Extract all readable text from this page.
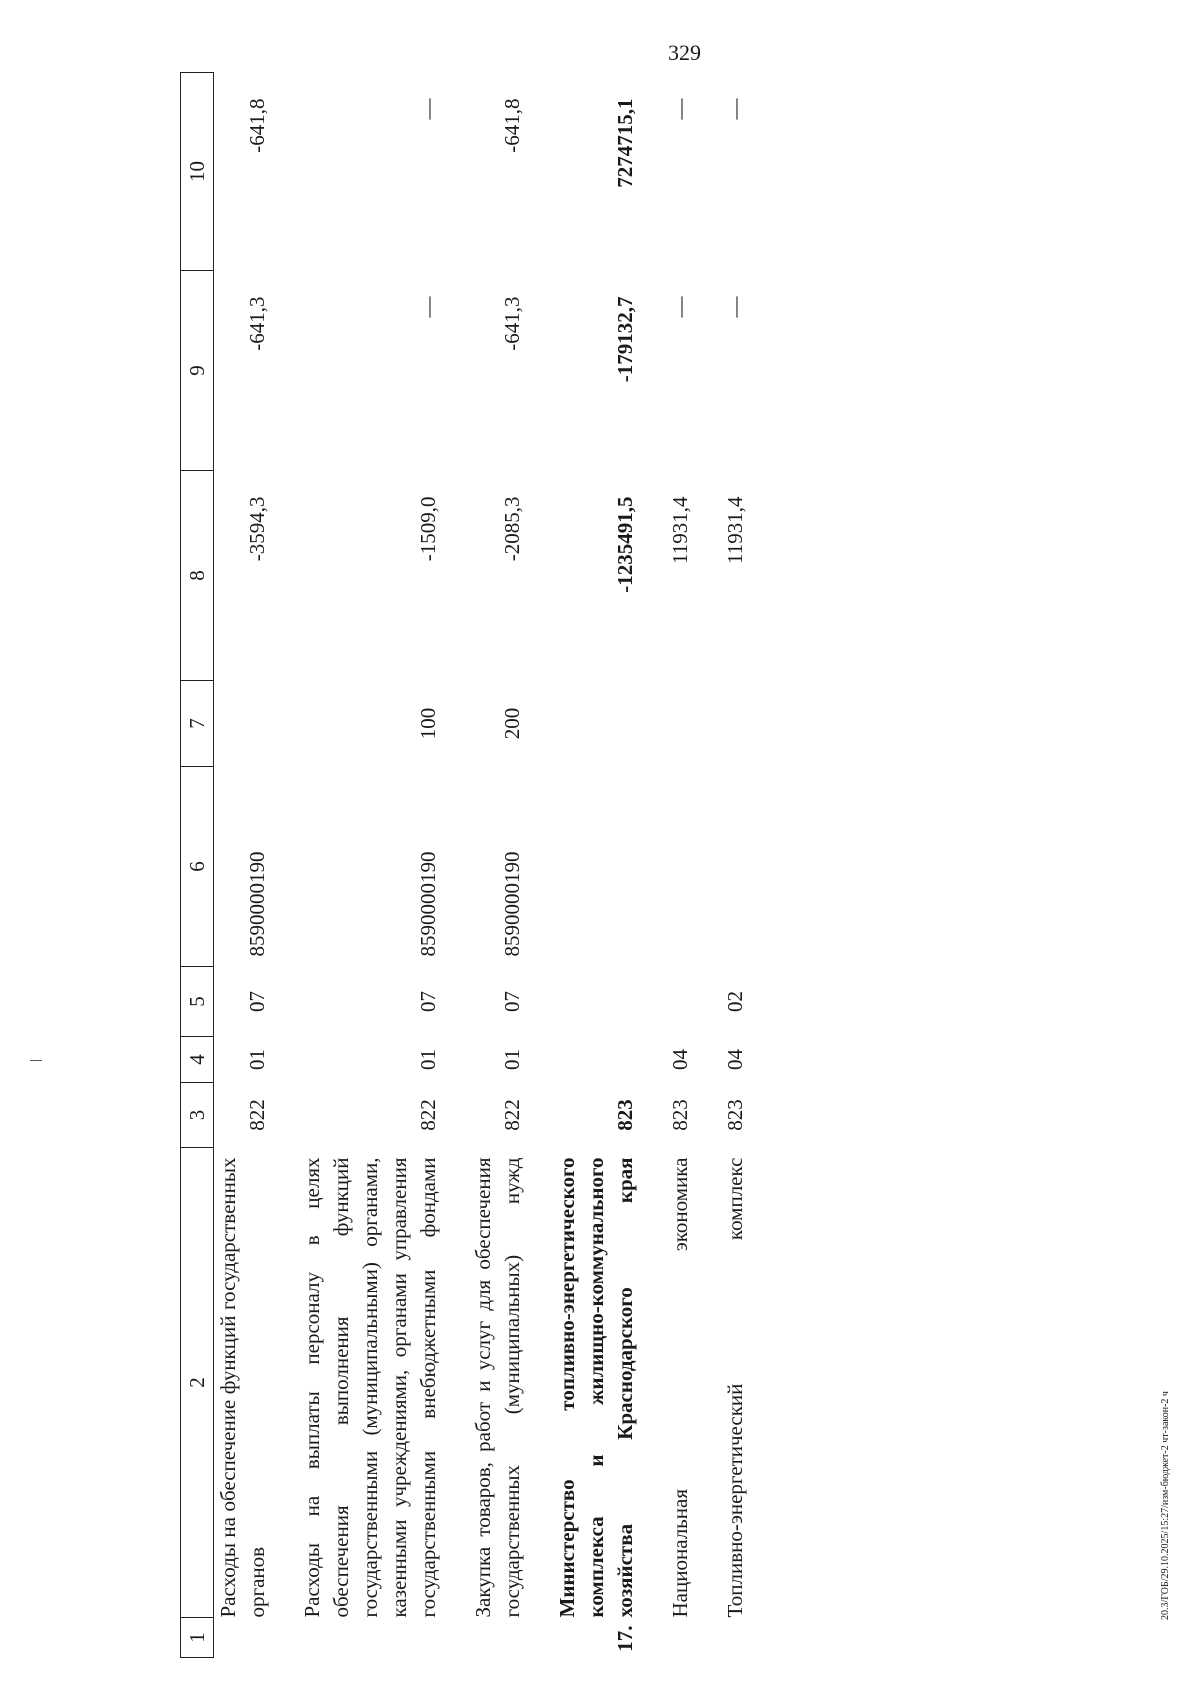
329
20.3/ГОБ/29.10.2025/15:27/изм-бюджет-2 чт-закон-2 ч
1	2	3	4	5	6	7	8	9	10
	Расходы на обеспечение функций государственных органов	822	01	07	8590000190		-3594,3	-641,3	-641,8

	Расходы на выплаты персоналу в целях обеспечения выполнения функций государственными (муниципальными) органами, казенными учреждениями, органами управления государственными внебюджетными фондами	822	01	07	8590000190	100	-1509,0	—	—

	Закупка товаров, работ и услуг для обеспечения государственных (муниципальных) нужд	822	01	07	8590000190	200	-2085,3	-641,3	-641,8

17.	Министерство топливно-энергетического комплекса и жилищно-коммунального хозяйства Краснодарского края	823					-1235491,5	-179132,7	7274715,1

	Национальная экономика	823	04				11931,4	—	—

	Топливно-энергетический комплекс	823	04	02			11931,4	—	—
